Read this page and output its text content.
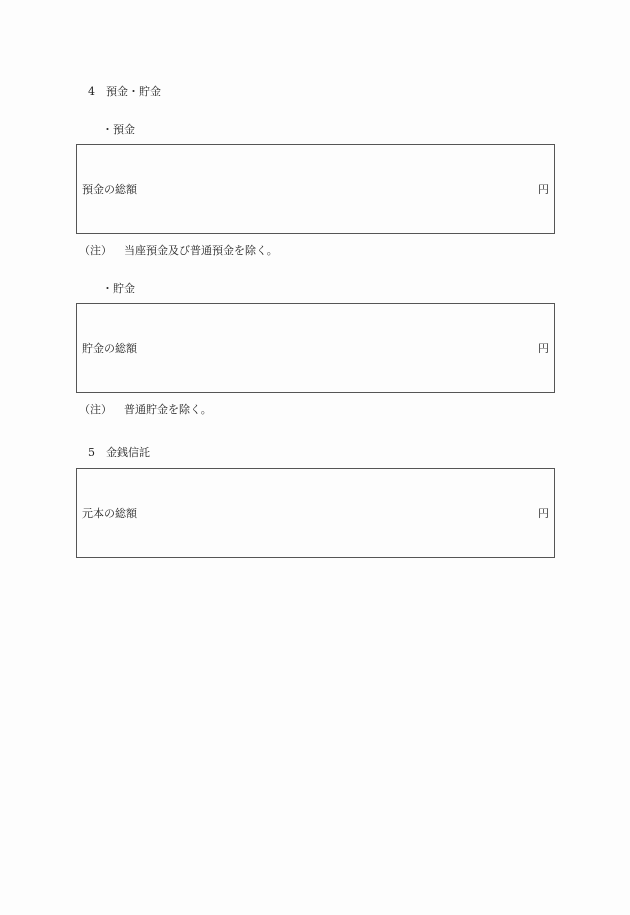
4 預金・貯金
・預金
預金の総額	円
（注） 当座預金及び普通預金を除く。
・貯金
貯金の総額	円
（注） 普通貯金を除く。
5 金銭信託
元本の総額	円
